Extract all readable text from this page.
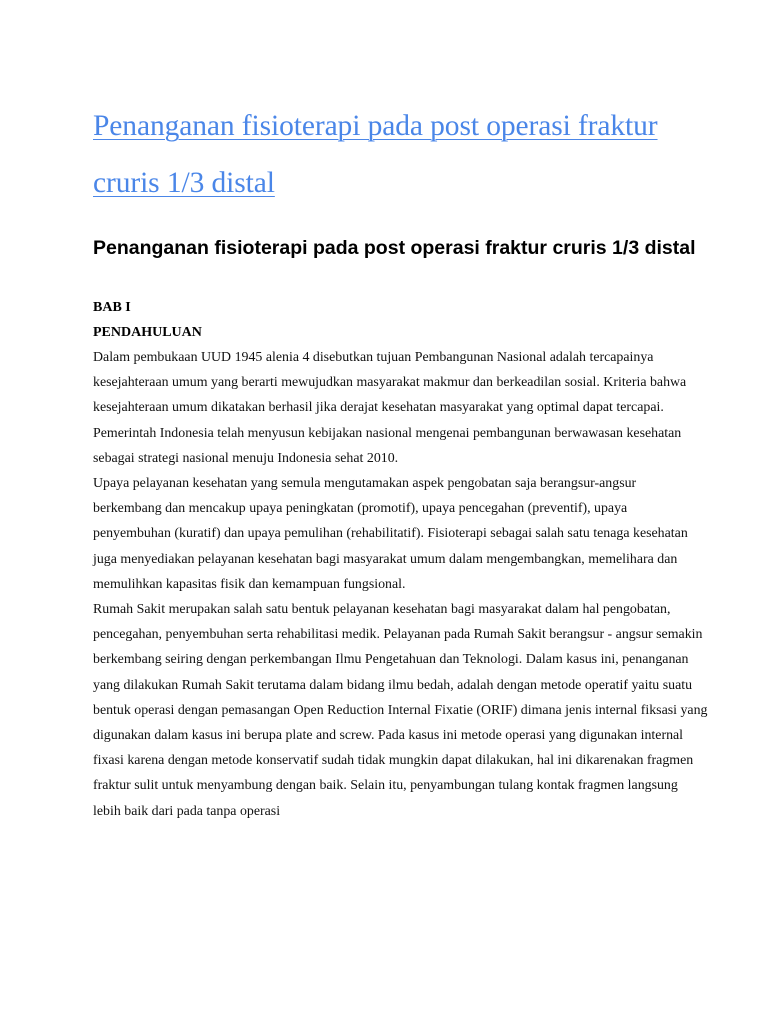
Penanganan fisioterapi pada post operasi fraktur cruris 1/3 distal
Penanganan fisioterapi pada post operasi fraktur cruris 1/3 distal
BAB I
PENDAHULUAN

Dalam pembukaan UUD 1945 alenia 4 disebutkan tujuan Pembangunan Nasional adalah tercapainya kesejahteraan umum yang berarti mewujudkan masyarakat makmur dan berkeadilan sosial. Kriteria bahwa kesejahteraan umum dikatakan berhasil jika derajat kesehatan masyarakat yang optimal dapat tercapai. Pemerintah Indonesia telah menyusun kebijakan nasional mengenai pembangunan berwawasan kesehatan sebagai strategi nasional menuju Indonesia sehat 2010.

Upaya pelayanan kesehatan yang semula mengutamakan aspek pengobatan saja berangsur-angsur berkembang dan mencakup upaya peningkatan (promotif), upaya pencegahan (preventif), upaya penyembuhan (kuratif) dan upaya pemulihan (rehabilitatif). Fisioterapi sebagai salah satu tenaga kesehatan juga menyediakan pelayanan kesehatan bagi masyarakat umum dalam mengembangkan, memelihara dan memulihkan kapasitas fisik dan kemampuan fungsional.

Rumah Sakit merupakan salah satu bentuk pelayanan kesehatan bagi masyarakat dalam hal pengobatan, pencegahan, penyembuhan serta rehabilitasi medik. Pelayanan pada Rumah Sakit berangsur - angsur semakin berkembang seiring dengan perkembangan Ilmu Pengetahuan dan Teknologi. Dalam kasus ini, penanganan yang dilakukan Rumah Sakit terutama dalam bidang ilmu bedah, adalah dengan metode operatif yaitu suatu bentuk operasi dengan pemasangan Open Reduction Internal Fixatie (ORIF) dimana jenis internal fiksasi yang digunakan dalam kasus ini berupa plate and screw. Pada kasus ini metode operasi yang digunakan internal fixasi karena dengan metode konservatif sudah tidak mungkin dapat dilakukan, hal ini dikarenakan fragmen fraktur sulit untuk menyambung dengan baik. Selain itu, penyambungan tulang kontak fragmen langsung lebih baik dari pada tanpa operasi
